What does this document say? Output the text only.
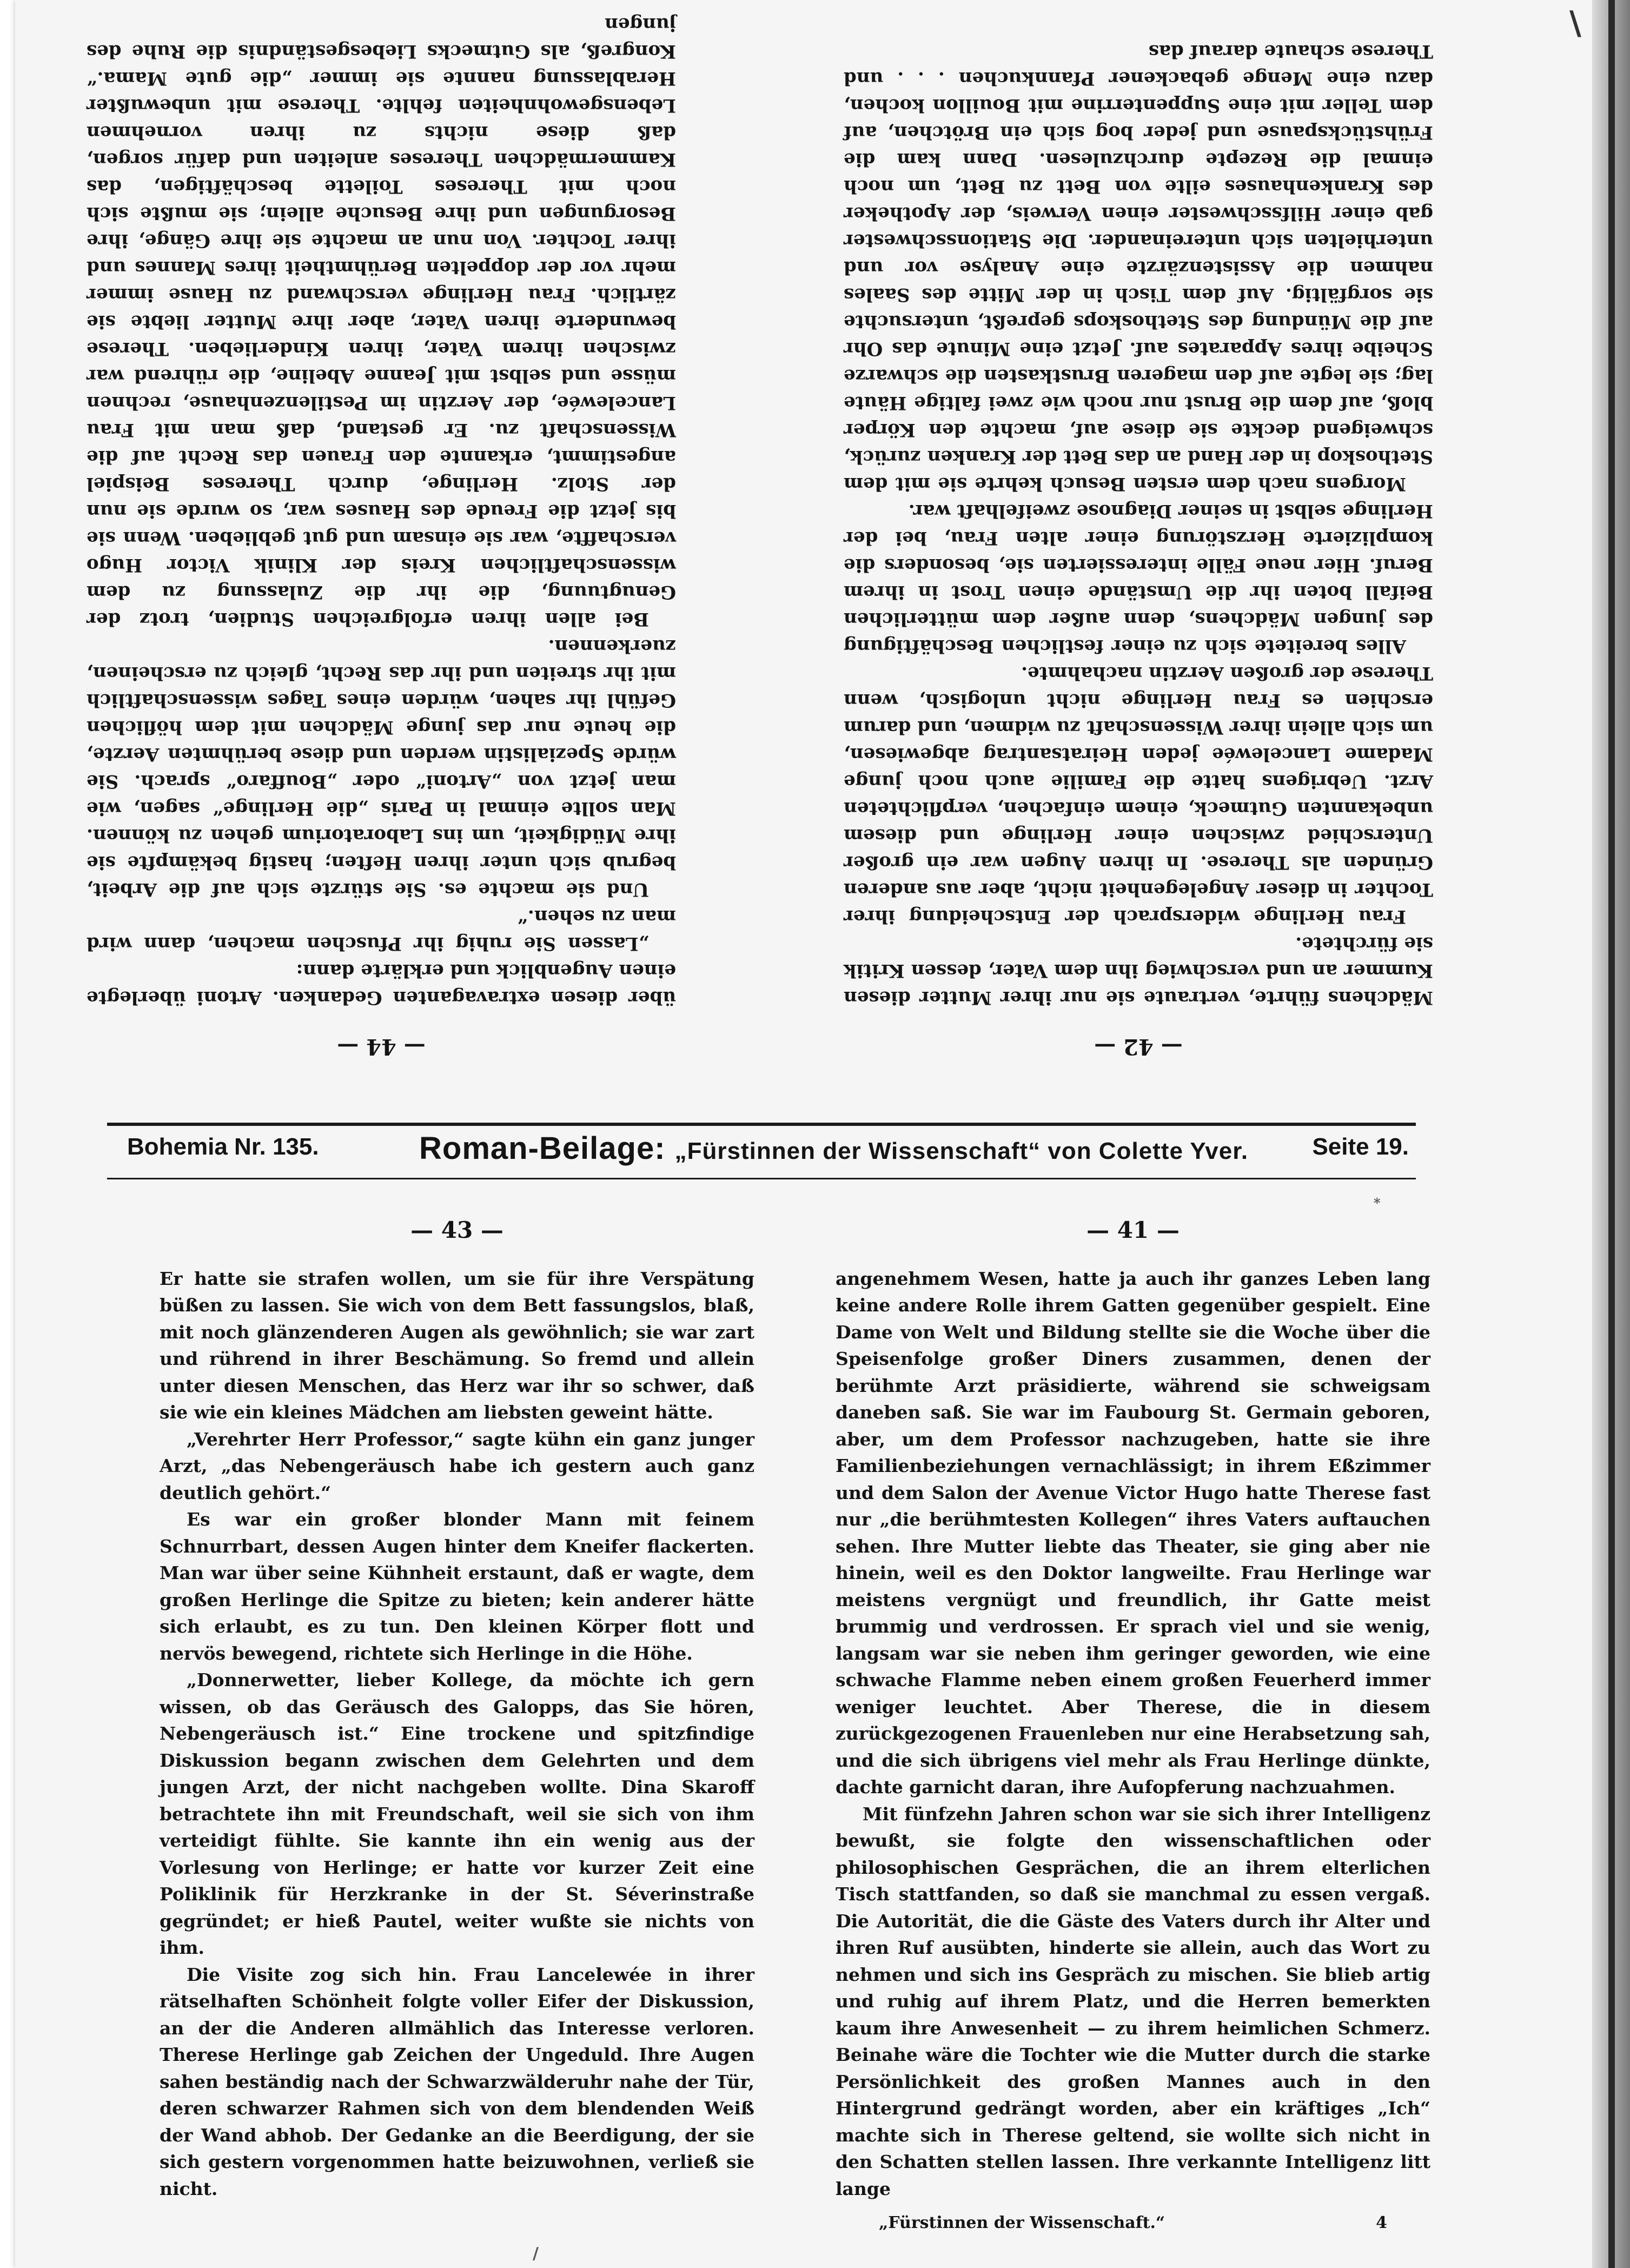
— 42 —

Mädchens führte, vertraute sie nur ihrer Mutter diesen Kummer an und verschwieg ihn dem Vater, dessen Kritik sie fürchtete.

Frau Herlinge widersprach der Entscheidung ihrer Tochter in dieser Angelegenheit nicht, aber aus anderen Gründen als Therese. In ihren Augen war ein großer Unterschied zwischen einer Herlinge und diesem unbekannten Gutmeck, einem einfachen, verpflichteten Arzt. Uebrigens hatte die Familie auch noch junge Madame Lancelewée jeden Heiratsantrag abgewiesen, um sich allein ihrer Wissenschaft zu widmen, und darum erschien es Frau Herlinge nicht unlogisch, wenn Therese der großen Aerztin nachahmte.

Alles bereitete sich zu einer festlichen Beschäftigung des jungen Mädchens, denn außer dem mütterlichen Beifall boten ihr die Umstände einen Trost in ihrem Beruf. Hier neue Fälle interessierten sie, besonders die komplizierte Herzstörung einer alten Frau, bei der Herlinge selbst in seiner Diagnose zweifelhaft war.

Morgens nach dem ersten Besuch kehrte sie mit dem Stethoskop in der Hand an das Bett der Kranken zurück, schweigend deckte sie diese auf, machte den Körper bloß, auf dem die Brust nur noch wie zwei faltige Häute lag; sie legte auf den mageren Brustkasten die schwarze Scheibe ihres Apparates auf. Jetzt eine Minute das Ohr auf die Mündung des Stethoskops gepreßt, untersuchte sie sorgfältig. Auf dem Tisch in der Mitte des Saales nahmen die Assistenzärzte eine Analyse vor und unterhielten sich untereinander. Die Stationsschwester gab einer Hilfsschwester einen Verweis, der Apotheker des Krankenhauses eilte von Bett zu Bett, um noch einmal die Rezepte durchzulesen. Dann kam die Frühstückspause und jeder bog sich ein Brötchen, auf dem Teller mit eine Suppenterrine mit Bouillon kochen, dazu eine Menge gebackener Pfannkuchen . . . und Therese schaute darauf das

— 44 —

über diesen extravaganten Gedanken. Artoni überlegte einen Augenblick und erklärte dann:

„Lassen Sie ruhig ihr Pfuschen machen, dann wird man zu sehen.“

Und sie machte es. Sie stürzte sich auf die Arbeit, begrub sich unter ihren Heften; hastig bekämpfte sie ihre Müdigkeit, um ins Laboratorium gehen zu können. Man sollte einmal in Paris „die Herlinge“ sagen, wie man jetzt von „Artoni“ oder „Bouffaro“ sprach. Sie würde Spezialistin werden und diese berühmten Aerzte, die heute nur das junge Mädchen mit dem höflichen Gefühl ihr sahen, würden eines Tages wissenschaftlich mit ihr streiten und ihr das Recht, gleich zu erscheinen, zuerkennen.

Bei allen ihren erfolgreichen Studien, trotz der Genugtuung, die ihr die Zulassung zu dem wissenschaftlichen Kreis der Klinik Victor Hugo verschaffte, war sie einsam und gut geblieben. Wenn sie bis jetzt die Freude des Hauses war, so wurde sie nun der Stolz. Herlinge, durch Thereses Beispiel angestimmt, erkannte den Frauen das Recht auf die Wissenschaft zu. Er gestand, daß man mit Frau Lancelewée, der Aerztin im Pestilenzenhause, rechnen müsse und selbst mit Jeanne Abeline, die rührend war zwischen ihrem Vater, ihren Kinderlieben. Therese bewunderte ihren Vater, aber ihre Mutter liebte sie zärtlich. Frau Herlinge verschwand zu Hause immer mehr vor der doppelten Berühmtheit ihres Mannes und ihrer Tochter. Von nun an machte sie ihre Gänge, ihre Besorgungen und ihre Besuche allein; sie mußte sich noch mit Thereses Toilette beschäftigen, das Kammermädchen Thereses anleiten und dafür sorgen, daß diese nichts zu ihren vornehmen Lebensgewohnheiten fehlte. Therese mit unbewußter Herablassung nannte sie immer „die gute Mama.“ Kongreß, als Gutmecks Liebesgeständnis die Ruhe des jungen

Bohemia Nr. 135.	Roman-Beilage: „Fürstinnen der Wissenschaft“ von Colette Yver.	Seite 19.
— 43 —

Er hatte sie strafen wollen, um sie für ihre Verspätung büßen zu lassen. Sie wich von dem Bett fassungslos, blaß, mit noch glänzenderen Augen als gewöhnlich; sie war zart und rührend in ihrer Beschämung. So fremd und allein unter diesen Menschen, das Herz war ihr so schwer, daß sie wie ein kleines Mädchen am liebsten geweint hätte.

„Verehrter Herr Professor,“ sagte kühn ein ganz junger Arzt, „das Nebengeräusch habe ich gestern auch ganz deutlich gehört.“

Es war ein großer blonder Mann mit feinem Schnurrbart, dessen Augen hinter dem Kneifer flackerten. Man war über seine Kühnheit erstaunt, daß er wagte, dem großen Herlinge die Spitze zu bieten; kein anderer hätte sich erlaubt, es zu tun. Den kleinen Körper flott und nervös bewegend, richtete sich Herlinge in die Höhe.

„Donnerwetter, lieber Kollege, da möchte ich gern wissen, ob das Geräusch des Galopps, das Sie hören, Nebengeräusch ist.“ Eine trockene und spitzfindige Diskussion begann zwischen dem Gelehrten und dem jungen Arzt, der nicht nachgeben wollte. Dina Skaroff betrachtete ihn mit Freundschaft, weil sie sich von ihm verteidigt fühlte. Sie kannte ihn ein wenig aus der Vorlesung von Herlinge; er hatte vor kurzer Zeit eine Poliklinik für Herzkranke in der St. Séverinstraße gegründet; er hieß Pautel, weiter wußte sie nichts von ihm.

Die Visite zog sich hin. Frau Lancelewée in ihrer rätselhaften Schönheit folgte voller Eifer der Diskussion, an der die Anderen allmählich das Interesse verloren. Therese Herlinge gab Zeichen der Ungeduld. Ihre Augen sahen beständig nach der Schwarzwälderuhr nahe der Tür, deren schwarzer Rahmen sich von dem blendenden Weiß der Wand abhob. Der Gedanke an die Beerdigung, der sie sich gestern vorgenommen hatte beizuwohnen, verließ sie nicht.

— 41 —

angenehmem Wesen, hatte ja auch ihr ganzes Leben lang keine andere Rolle ihrem Gatten gegenüber gespielt. Eine Dame von Welt und Bildung stellte sie die Woche über die Speisenfolge großer Diners zusammen, denen der berühmte Arzt präsidierte, während sie schweigsam daneben saß. Sie war im Faubourg St. Germain geboren, aber, um dem Professor nachzugeben, hatte sie ihre Familienbeziehungen vernachlässigt; in ihrem Eßzimmer und dem Salon der Avenue Victor Hugo hatte Therese fast nur „die berühmtesten Kollegen“ ihres Vaters auftauchen sehen. Ihre Mutter liebte das Theater, sie ging aber nie hinein, weil es den Doktor langweilte. Frau Herlinge war meistens vergnügt und freundlich, ihr Gatte meist brummig und verdrossen. Er sprach viel und sie wenig, langsam war sie neben ihm geringer geworden, wie eine schwache Flamme neben einem großen Feuerherd immer weniger leuchtet. Aber Therese, die in diesem zurückgezogenen Frauenleben nur eine Herabsetzung sah, und die sich übrigens viel mehr als Frau Herlinge dünkte, dachte garnicht daran, ihre Aufopferung nachzuahmen.

Mit fünfzehn Jahren schon war sie sich ihrer Intelligenz bewußt, sie folgte den wissenschaftlichen oder philosophischen Gesprächen, die an ihrem elterlichen Tisch stattfanden, so daß sie manchmal zu essen vergaß. Die Autorität, die die Gäste des Vaters durch ihr Alter und ihren Ruf ausübten, hinderte sie allein, auch das Wort zu nehmen und sich ins Gespräch zu mischen. Sie blieb artig und ruhig auf ihrem Platz, und die Herren bemerkten kaum ihre Anwesenheit — zu ihrem heimlichen Schmerz. Beinahe wäre die Tochter wie die Mutter durch die starke Persönlichkeit des großen Mannes auch in den Hintergrund gedrängt worden, aber ein kräftiges „Ich“ machte sich in Therese geltend, sie wollte sich nicht in den Schatten stellen lassen. Ihre verkannte Intelligenz litt lange

„Fürstinnen der Wissenschaft.“	4
\
*
/
